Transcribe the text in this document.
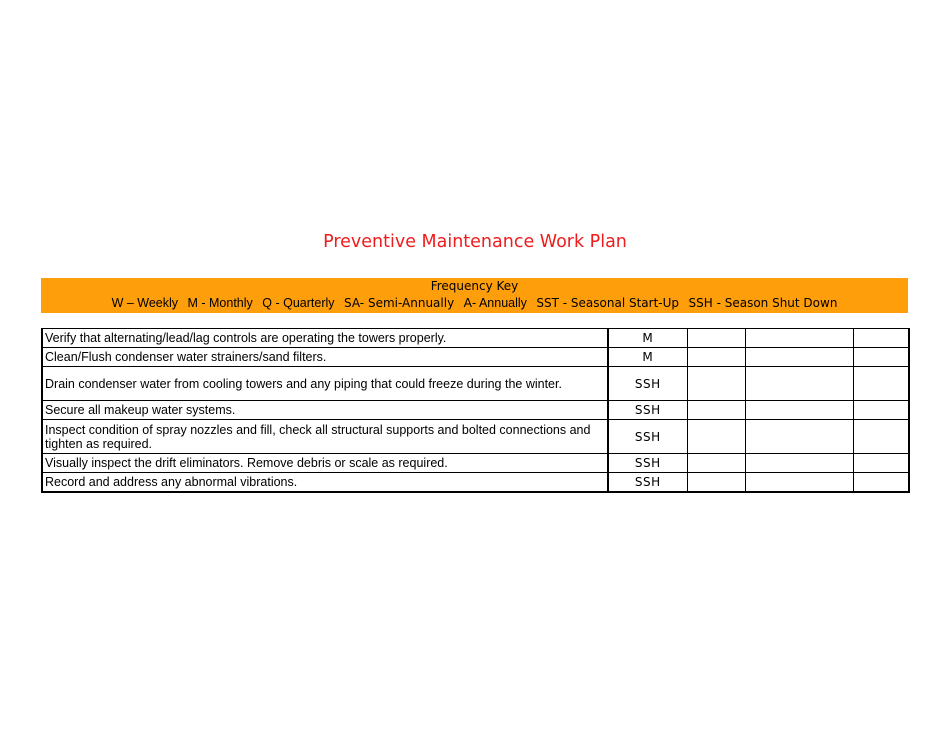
Preventive Maintenance Work Plan
Frequency Key
W – Weekly M - Monthly Q - Quarterly SA- Semi-Annually A- Annually SST - Seasonal Start-Up SSH - Season Shut Down
Verify that alternating/lead/lag controls are operating the towers properly.	M			
Clean/Flush condenser water strainers/sand filters.	M			
Drain condenser water from cooling towers and any piping that could freeze during the winter.	SSH			
Secure all makeup water systems.	SSH			
Inspect condition of spray nozzles and fill, check all structural supports and bolted connections and tighten as required.	SSH			
Visually inspect the drift eliminators. Remove debris or scale as required.	SSH			
Record and address any abnormal vibrations.	SSH			
